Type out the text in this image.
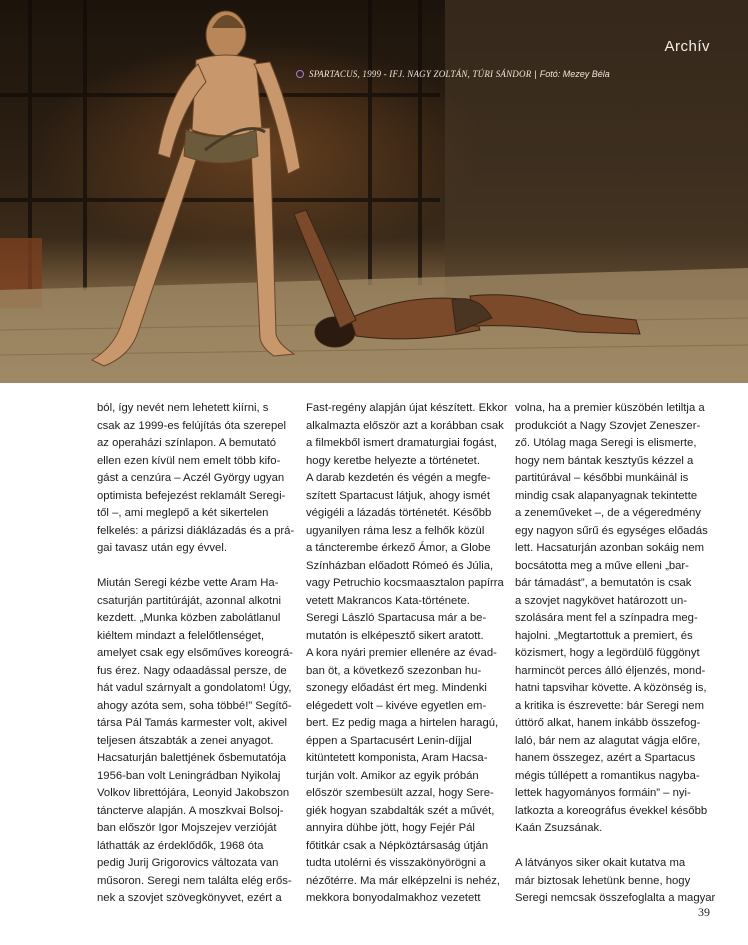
Archív
SPARTACUS, 1999 - IFJ. NAGY ZOLTÁN, TÚRI SÁNDOR | Fotó: Mezey Béla
ból, így nevét nem lehetett kiírni, s
csak az 1999-es felújítás óta szerepel
az operaházi színlapon. A bemutató
ellen ezen kívül nem emelt több kifo-
gást a cenzúra – Aczél György ugyan
optimista befejezést reklamált Seregi-
től –, ami meglepő a két sikertelen
felkelés: a párizsi diáklázadás és a prá-
gai tavasz után egy évvel.
Miután Seregi kézbe vette Aram Ha-
csaturján partitúráját, azonnal alkotni
kezdett. „Munka közben zabolátlanul
kiéltem mindazt a felelőtlenséget,
amelyet csak egy elsőműves koreográ-
fus érez. Nagy odaadással persze, de
hát vadul szárnyalt a gondolatom! Úgy,
ahogy azóta sem, soha többé!” Segítő-
társa Pál Tamás karmester volt, akivel
teljesen átszabták a zenei anyagot.
Hacsaturján balettjének ősbemutatója
1956-ban volt Leningrádban Nyikolaj
Volkov librettójára, Leonyid Jakobszon
táncterve alapján. A moszkvai Bolsoj-
ban először Igor Mojszejev verzióját
láthatták az érdeklődők, 1968 óta
pedig Jurij Grigorovics változata van
műsoron. Seregi nem találta elég erős-
nek a szovjet szövegkönyvet, ezért a
Fast-regény alapján újat készített. Ekkor
alkalmazta először azt a korábban csak
a filmekből ismert dramaturgiai fogást,
hogy keretbe helyezte a történetet.
A darab kezdetén és végén a megfe-
szített Spartacust látjuk, ahogy ismét
végigéli a lázadás történetét. Később
ugyanilyen rámа lesz a felhők közül
a táncterembe érkező Ámor, a Globe
Színházban előadott Rómeó és Júlia,
vagy Petruchio kocsmaasztalon papírra
vetett Makrancos Kata-története.
Seregi László Spartacusa már a be-
mutatón is elképesztő sikert aratott.
A kora nyári premier ellenére az évad-
ban öt, a következő szezonban hu-
szonegy előadást ért meg. Mindenki
elégedett volt – kivéve egyetlen em-
bert. Ez pedig maga a hirtelen haragú,
éppen a Spartacusért Lenin-díjjal
kitüntetett komponista, Aram Hacsa-
turján volt. Amikor az egyik próbán
először szembesült azzal, hogy Sere-
giék hogyan szabdalták szét a művét,
annyira dühbe jött, hogy Fejér Pál
főtitkár csak a Népköztársaság útján
tudta utolérni és visszakönyörögni a
nézőtérre. Ma már elképzelni is nehéz,
mekkora bonyodalmakhoz vezetett
volna, ha a premier küszöbén letiltja a
produkciót a Nagy Szovjet Zeneszer-
ző. Utólag maga Seregi is elismerte,
hogy nem bántak kesztyűs kézzel a
partitúrával – későbbi munkáinál is
mindig csak alapanyagnak tekintette
a zeneműveket –, de a végeredmény
egy nagyon sűrű és egységes előadás
lett. Hacsaturján azonban sokáig nem
bocsátotta meg a műve elleni „bar-
bár támadást”, a bemutatón is csak
a szovjet nagykövet határozott un-
szolására ment fel a színpadra meg-
hajolni. „Megtartottuk a premiert, és
közismert, hogy a legördülő függönyt
harmincöt perces álló éljenzés, mond-
hatni tapsvihar követte. A közönség is,
a kritika is észrevette: bár Seregi nem
úttörő alkat, hanem inkább összefog-
laló, bár nem az alagutat vágja előre,
hanem összegez, azért a Spartacus
mégis túllépett a romantikus nagyba-
lettek hagyományos formáin” – nyi-
latkozta a koreográfus évekkel később
Kaán Zsuzsának.
A látványos siker okait kutatva ma
már biztosak lehetünk benne, hogy
Seregi nemcsak összefoglalta a magyar
39
